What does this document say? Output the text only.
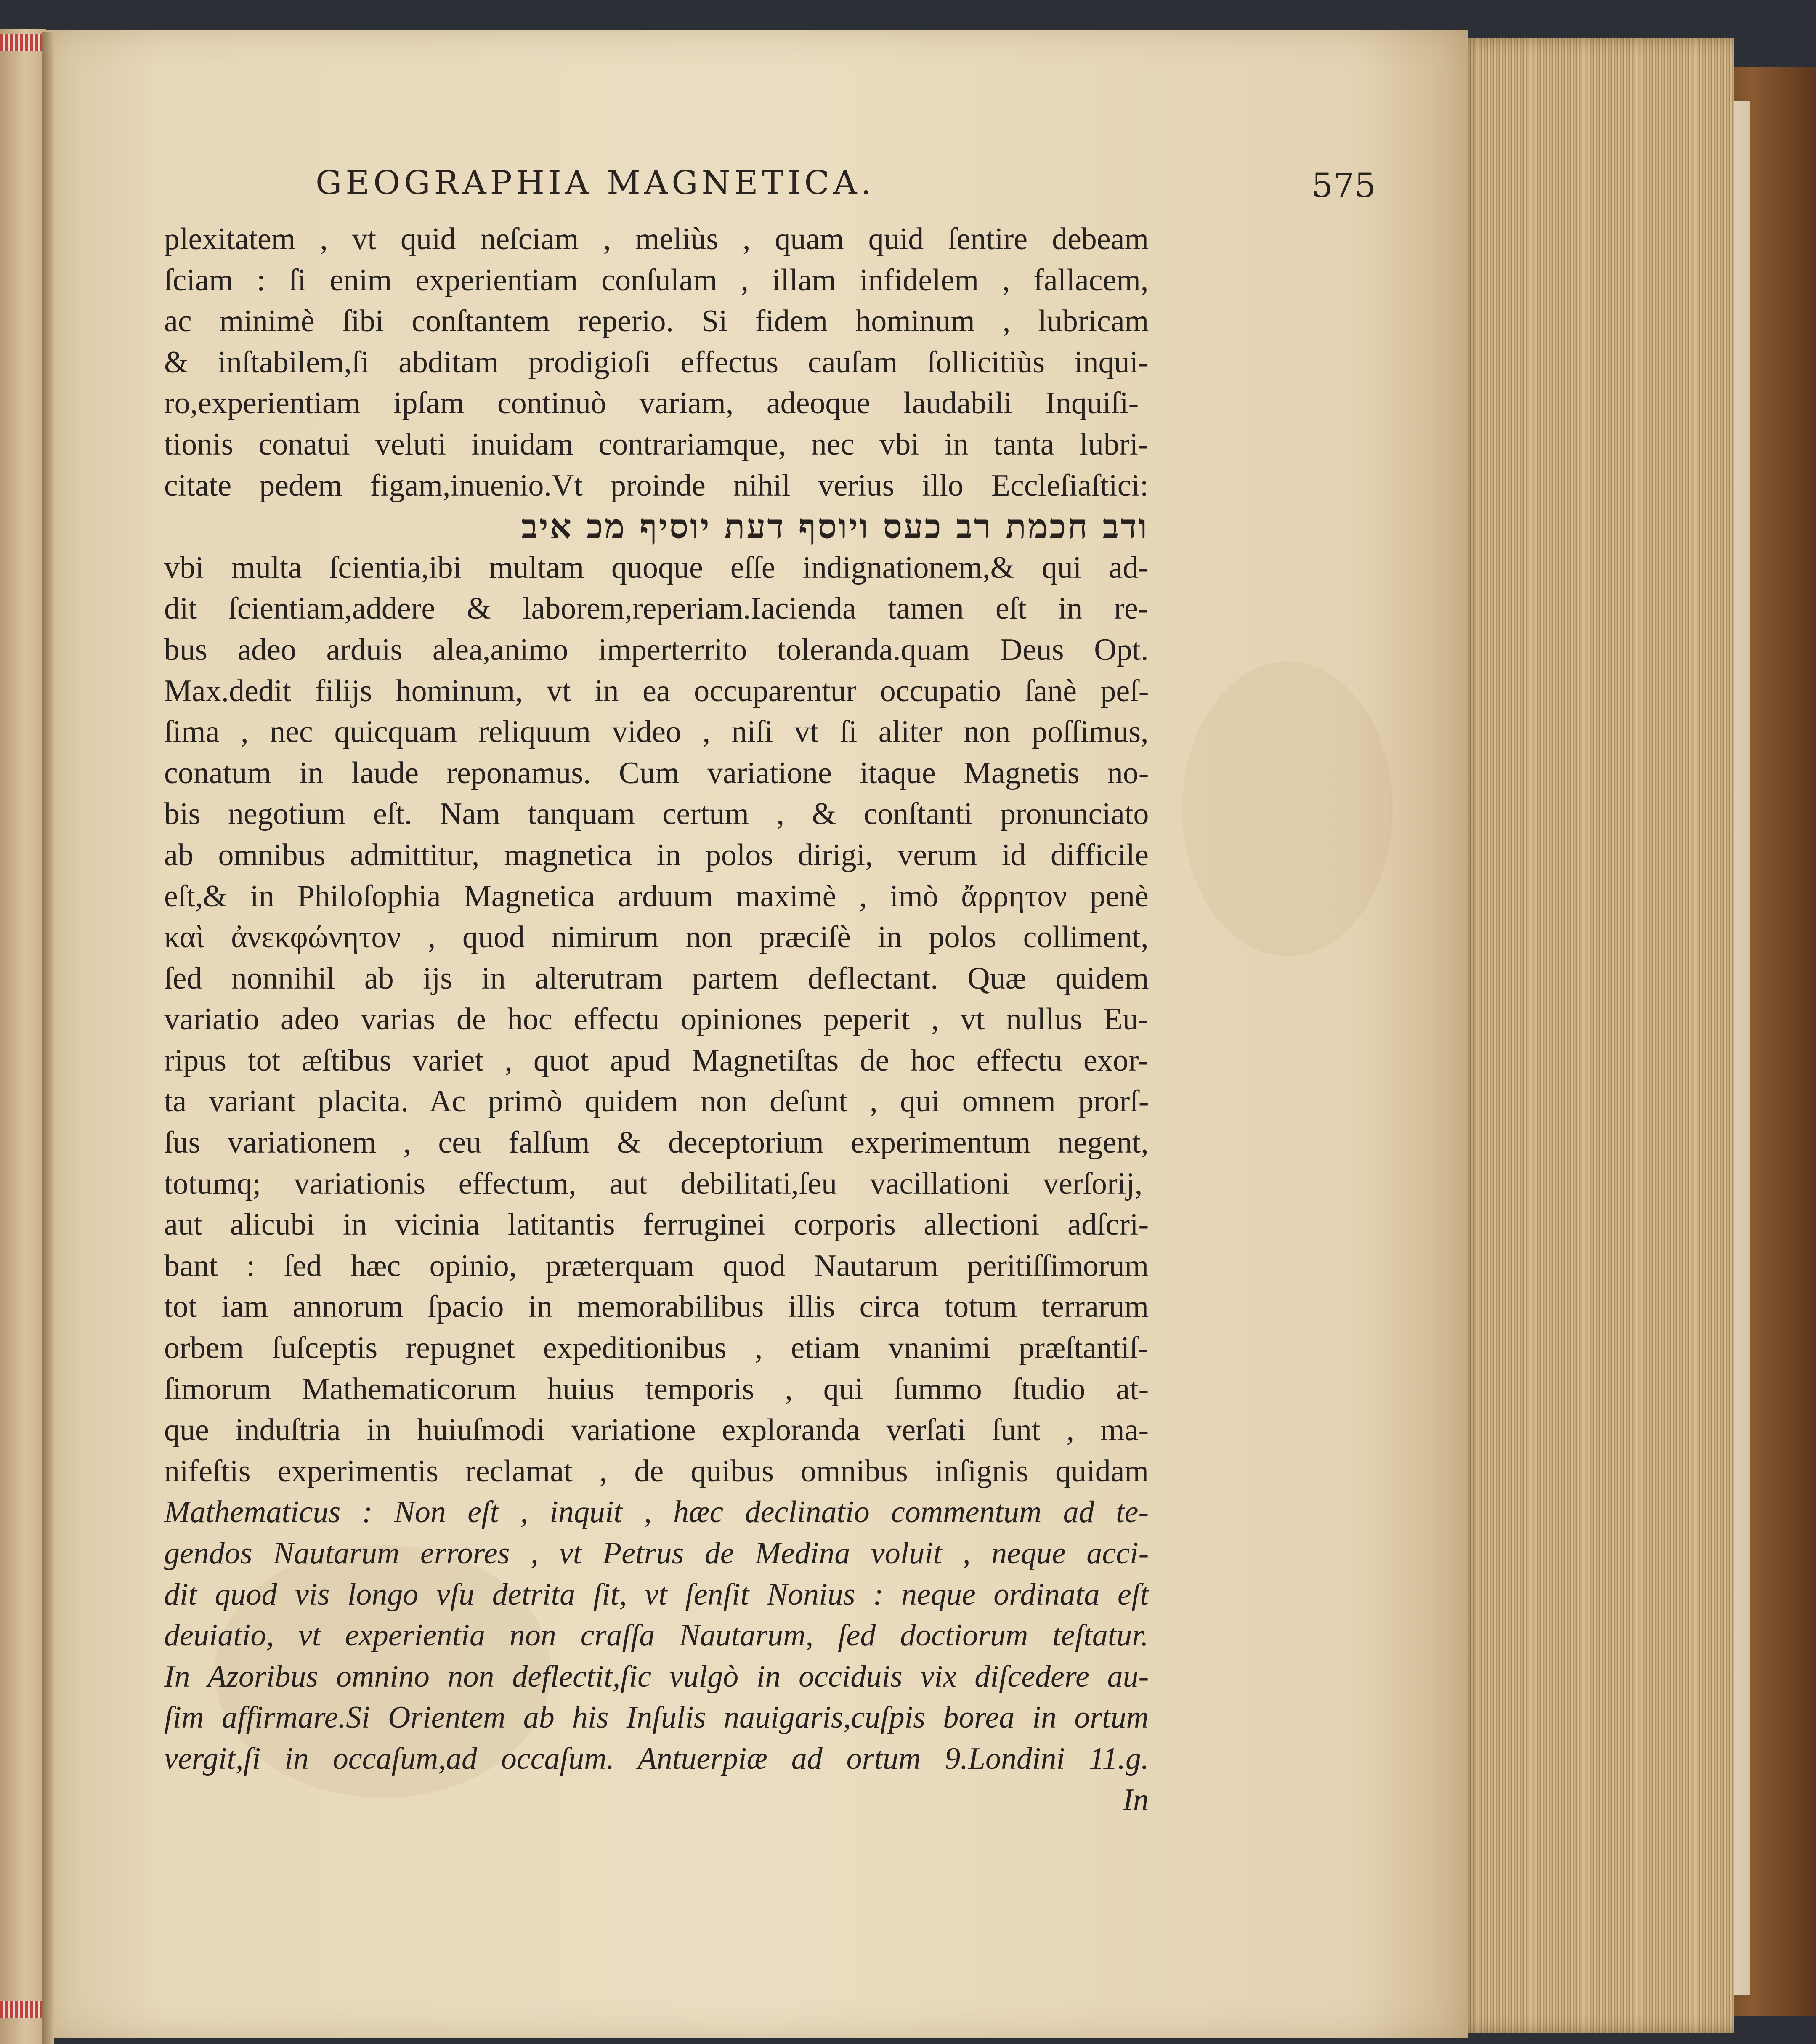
GEOGRAPHIA MAGNETICA.	575
plexitatem , vt quid neſciam , meliùs , quam quid ſentire debeam
ſciam : ſi enim experientiam conſulam , illam infidelem , fallacem,
ac minimè ſibi conſtantem reperio. Si fidem hominum , lubricam
& inſtabilem,ſi abditam prodigioſi effectus cauſam ſollicitiùs inqui-
ro,experientiam ipſam continuò variam, adeoque laudabili Inquiſi-
tionis conatui veluti inuidam contrariamque, nec vbi in tanta lubri-
citate pedem figam,inuenio.Vt proinde nihil verius illo Eccleſiaſtici:
ודב חכמת רב כעס ויוסף דעת יוסיף מכ איב
vbi multa ſcientia,ibi multam quoque eſſe indignationem,& qui ad-
dit ſcientiam,addere & laborem,reperiam.Iacienda tamen eſt in re-
bus adeo arduis alea,animo imperterrito toleranda.quam Deus Opt.
Max.dedit filijs hominum, vt in ea occuparentur occupatio ſanè peſ-
ſima , nec quicquam reliquum video , niſi vt ſi aliter non poſſimus,
conatum in laude reponamus. Cum variatione itaque Magnetis no-
bis negotium eſt. Nam tanquam certum , & conſtanti pronunciato
ab omnibus admittitur, magnetica in polos dirigi, verum id difficile
eſt,& in Philoſophia Magnetica arduum maximè , imò ἄρρητον penè
καὶ ἀνεκφώνητον , quod nimirum non præciſè in polos colliment,
ſed nonnihil ab ijs in alterutram partem deflectant. Quæ quidem
variatio adeo varias de hoc effectu opiniones peperit , vt nullus Eu-
ripus tot æſtibus variet , quot apud Magnetiſtas de hoc effectu exor-
ta variant placita. Ac primò quidem non deſunt , qui omnem prorſ-
ſus variationem , ceu falſum & deceptorium experimentum negent,
totumq; variationis effectum, aut debilitati,ſeu vacillationi verſorij,
aut alicubi in vicinia latitantis ferruginei corporis allectioni adſcri-
bant : ſed hæc opinio, præterquam quod Nautarum peritiſſimorum
tot iam annorum ſpacio in memorabilibus illis circa totum terrarum
orbem ſuſceptis repugnet expeditionibus , etiam vnanimi præſtantiſ-
ſimorum Mathematicorum huius temporis , qui ſummo ſtudio at-
que induſtria in huiuſmodi variatione exploranda verſati ſunt , ma-
nifeſtis experimentis reclamat , de quibus omnibus inſignis quidam
Mathematicus : Non eſt , inquit , hæc declinatio commentum ad te-
gendos Nautarum errores , vt Petrus de Medina voluit , neque acci-
dit quod vis longo vſu detrita ſit, vt ſenſit Nonius : neque ordinata eſt
deuiatio, vt experientia non craſſa Nautarum, ſed doctiorum teſtatur.
In Azoribus omnino non deflectit,ſic vulgò in occiduis vix diſcedere au-
ſim affirmare.Si Orientem ab his Inſulis nauigaris,cuſpis borea in ortum
vergit,ſi in occaſum,ad occaſum. Antuerpiæ ad ortum 9.Londini 11.g.
In
